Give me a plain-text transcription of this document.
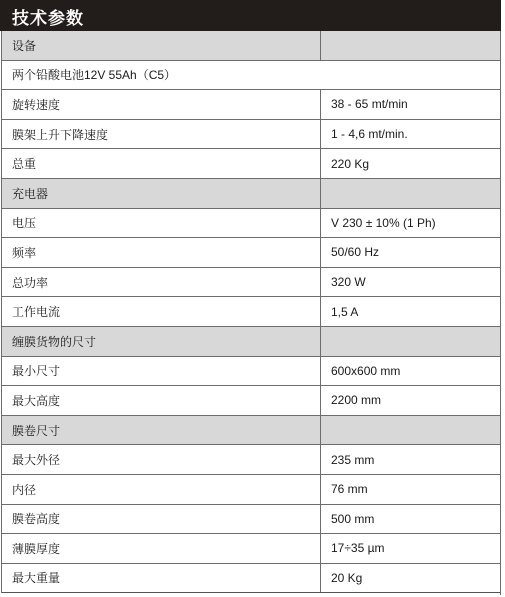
技术参数
设备
两个铅酸电池12V 55Ah（C5）
旋转速度	38 - 65 mt/min
膜架上升下降速度	1 - 4,6 mt/min.
总重	220 Kg
充电器
电压	V 230 ± 10% (1 Ph)
频率	50/60 Hz
总功率	320 W
工作电流	1,5 A
缠膜货物的尺寸
最小尺寸	600x600 mm
最大高度	2200 mm
膜卷尺寸
最大外径	235 mm
内径	76 mm
膜卷高度	500 mm
薄膜厚度	17÷35 µm
最大重量	20 Kg
